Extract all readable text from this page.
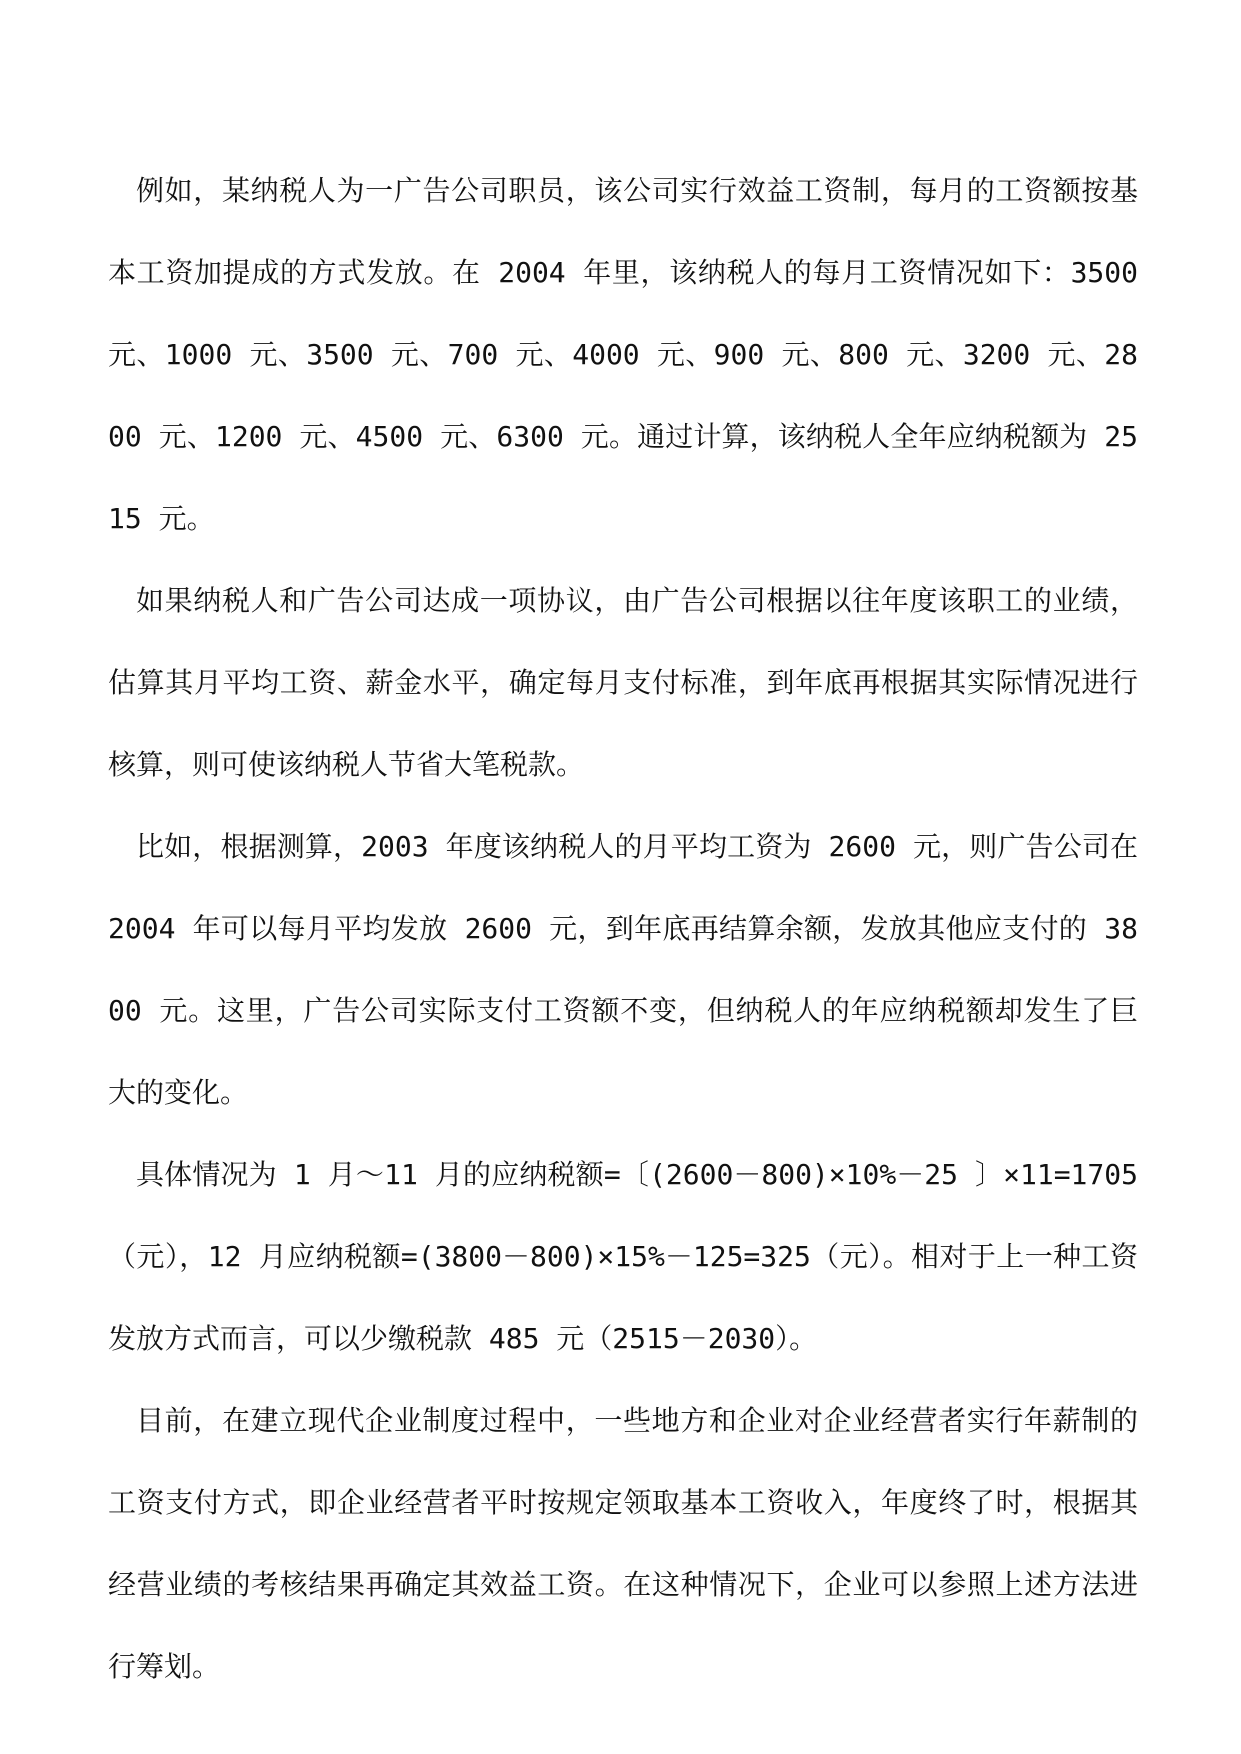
例如，某纳税人为一广告公司职员，该公司实行效益工资制，每月的工资额按基本工资加提成的方式发放。在 2004 年里，该纳税人的每月工资情况如下：3500 元、1000 元、3500 元、700 元、4000 元、900 元、800 元、3200 元、2800 元、1200 元、4500 元、6300 元。通过计算，该纳税人全年应纳税额为 2515 元。

如果纳税人和广告公司达成一项协议，由广告公司根据以往年度该职工的业绩，估算其月平均工资、薪金水平，确定每月支付标准，到年底再根据其实际情况进行核算，则可使该纳税人节省大笔税款。

比如，根据测算，2003 年度该纳税人的月平均工资为 2600 元，则广告公司在 2004 年可以每月平均发放 2600 元，到年底再结算余额，发放其他应支付的 3800 元。这里，广告公司实际支付工资额不变，但纳税人的年应纳税额却发生了巨大的变化。

具体情况为 1 月～11 月的应纳税额=〔(2600－800)×10%－25 〕×11=1705（元），12 月应纳税额=(3800－800)×15%－125=325（元）。相对于上一种工资发放方式而言，可以少缴税款 485 元（2515－2030）。

目前，在建立现代企业制度过程中，一些地方和企业对企业经营者实行年薪制的工资支付方式，即企业经营者平时按规定领取基本工资收入，年度终了时，根据其经营业绩的考核结果再确定其效益工资。在这种情况下，企业可以参照上述方法进行筹划。
